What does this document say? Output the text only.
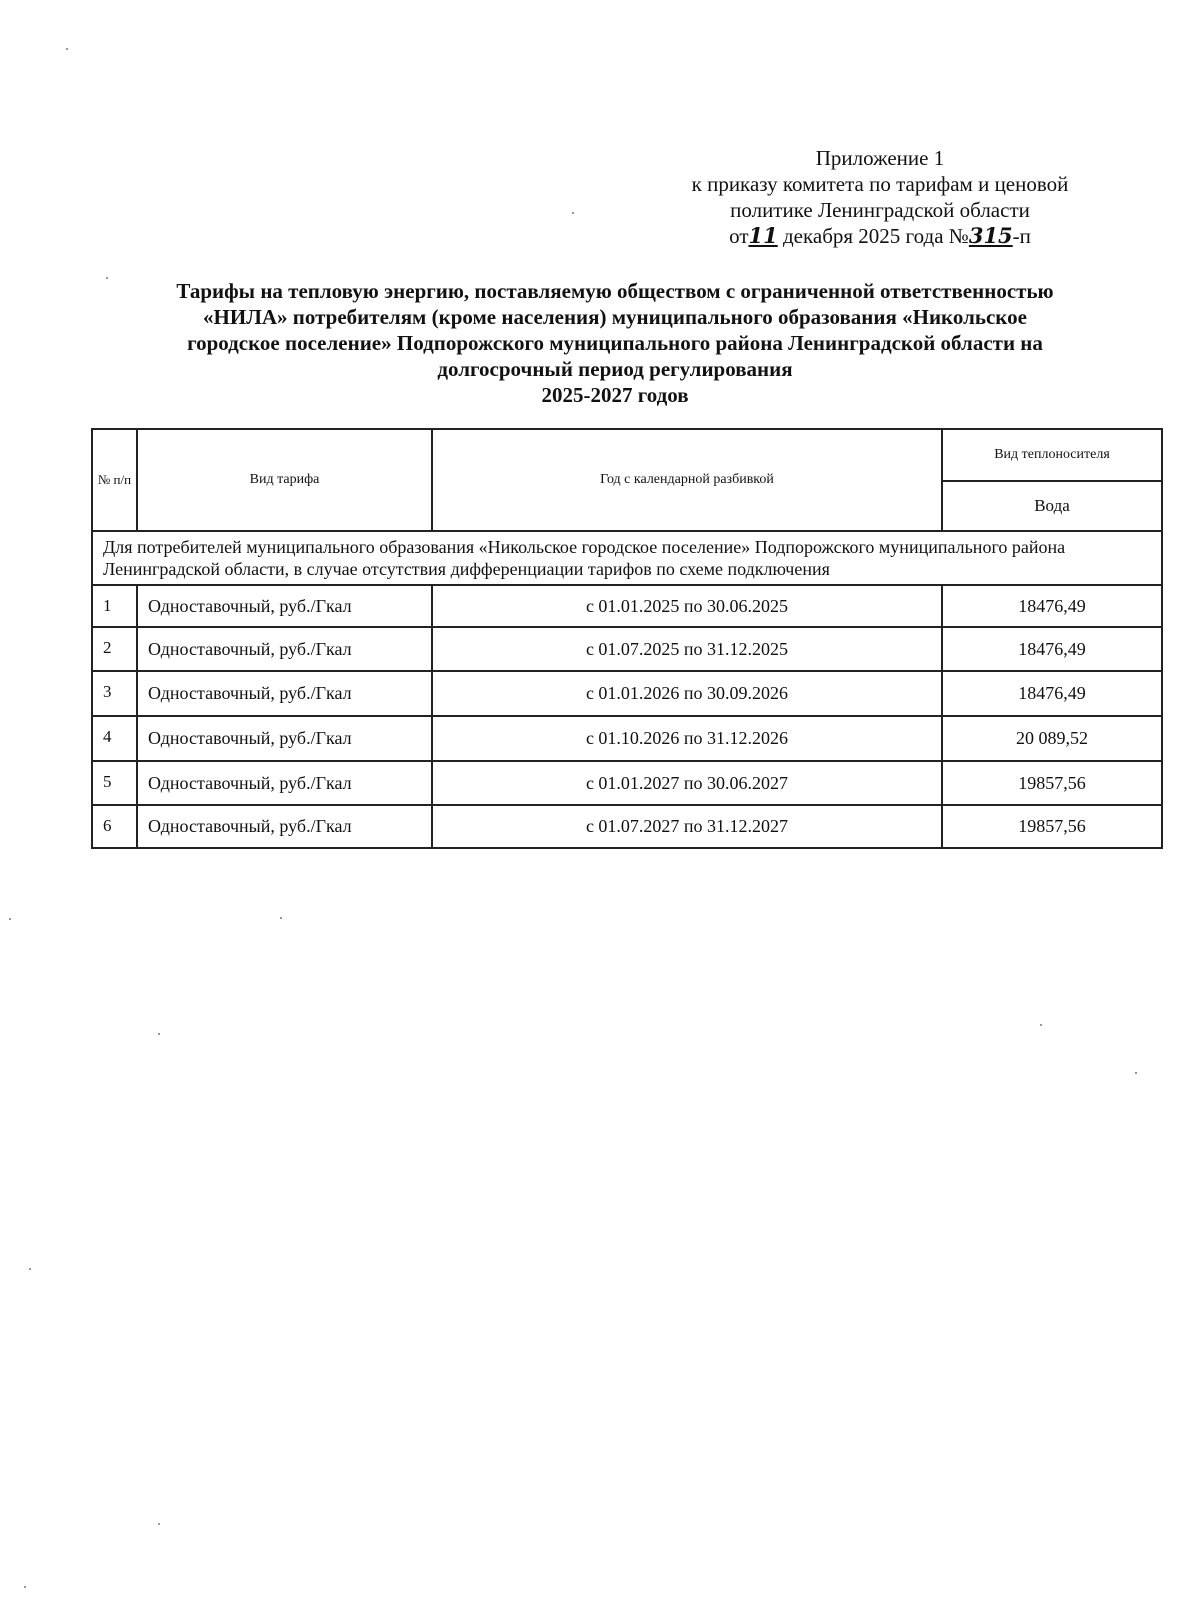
Приложение 1
к приказу комитета по тарифам и ценовой
политике Ленинградской области
от11 декабря 2025 года №315-п
Тарифы на тепловую энергию, поставляемую обществом с ограниченной ответственностью
«НИЛА» потребителям (кроме населения) муниципального образования «Никольское
городское поселение» Подпорожского муниципального района Ленинградской области на
долгосрочный период регулирования
2025-2027 годов
№ п/п	Вид тарифа	Год с календарной разбивкой	Вид теплоносителя
			Вода
Для потребителей муниципального образования «Никольское городское поселение» Подпорожского муниципального района Ленинградской области, в случае отсутствия дифференциации тарифов по схеме подключения			
1	Одноставочный, руб./Гкал	с 01.01.2025 по 30.06.2025	18476,49
2	Одноставочный, руб./Гкал	с 01.07.2025 по 31.12.2025	18476,49
3	Одноставочный, руб./Гкал	с 01.01.2026 по 30.09.2026	18476,49
4	Одноставочный, руб./Гкал	с 01.10.2026 по 31.12.2026	20 089,52
5	Одноставочный, руб./Гкал	с 01.01.2027 по 30.06.2027	19857,56
6	Одноставочный, руб./Гкал	с 01.07.2027 по 31.12.2027	19857,56
